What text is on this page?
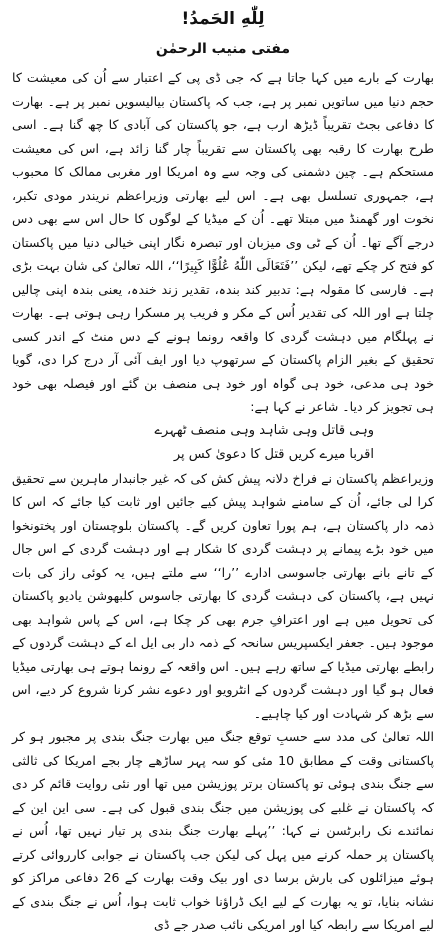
لِلّٰهِ الحَمدُ!
مفتی منیب الرحمٰن

بھارت کے بارے میں کہا جاتا ہے کہ جی ڈی پی کے اعتبار سے اُن کی معیشت کا حجم دنیا میں ساتویں نمبر پر ہے، جب کہ پاکستان بیالیسویں نمبر پر ہے۔ بھارت کا دفاعی بجٹ تقریباً ڈیڑھ ارب ہے، جو پاکستان کی آبادی کا چھ گنا ہے۔ اسی طرح بھارت کا رقبہ بھی پاکستان سے تقریباً چار گنا زائد ہے، اس کی معیشت مستحکم ہے۔ چین دشمنی کی وجہ سے وہ امریکا اور مغربی ممالک کا محبوب ہے، جمہوری تسلسل بھی ہے۔ اس لیے بھارتی وزیراعظم نریندر مودی تکبر، نخوت اور گھمنڈ میں مبتلا تھے۔ اُن کے میڈیا کے لوگوں کا حال اس سے بھی دس درجے آگے تھا۔ اُن کے ٹی وی میزبان اور تبصرہ نگار اپنی خیالی دنیا میں پاکستان کو فتح کر چکے تھے، لیکن ’’فَتَعَالَى اللّٰهُ عُلُوًّا كَبِيرًا‘‘، اللہ تعالیٰ کی شان بہت بڑی ہے۔ فارسی کا مقولہ ہے: تدبیر کند بندہ، تقدیر زند خندہ، یعنی بندہ اپنی چالیں چلتا ہے اور اللہ کی تقدیر اُس کے مکر و فریب پر مسکرا رہی ہوتی ہے۔ بھارت نے پہلگام میں دہشت گردی کا واقعہ رونما ہونے کے دس منٹ کے اندر کسی تحقیق کے بغیر الزام پاکستان کے سرتھوپ دیا اور ایف آئی آر درج کرا دی، گویا خود ہی مدعی، خود ہی گواہ اور خود ہی منصف بن گئے اور فیصلہ بھی خود ہی تجویز کر دیا۔ شاعر نے کہا ہے:

وہی قاتل وہی شاہد وہی منصف ٹھہرے
اقربا میرے کریں قتل کا دعویٰ کس پر

وزیراعظم پاکستان نے فراخ دلانہ پیش کش کی کہ غیر جانبدار ماہرین سے تحقیق کرا لی جائے، اُن کے سامنے شواہد پیش کیے جائیں اور ثابت کیا جائے کہ اس کا ذمہ دار پاکستان ہے، ہم پورا تعاون کریں گے۔ پاکستان بلوچستان اور پختونخوا میں خود بڑے پیمانے پر دہشت گردی کا شکار ہے اور دہشت گردی کے اس جال کے تانے بانے بھارتی جاسوسی ادارے ’’را‘‘ سے ملتے ہیں، یہ کوئی راز کی بات نہیں ہے، پاکستان کی دہشت گردی کا بھارتی جاسوس کلبھوشن یادیو پاکستان کی تحویل میں ہے اور اعترافِ جرم بھی کر چکا ہے، اس کے پاس شواہد بھی موجود ہیں۔ جعفر ایکسپریس سانحہ کے ذمہ دار بی ایل اے کے دہشت گردوں کے رابطے بھارتی میڈیا کے ساتھ رہے ہیں۔ اس واقعہ کے رونما ہوتے ہی بھارتی میڈیا فعال ہو گیا اور دہشت گردوں کے انٹرویو اور دعوے نشر کرنا شروع کر دیے، اس سے بڑھ کر شہادت اور کیا چاہیے۔

اللہ تعالیٰ کی مدد سے حسبِ توقع جنگ میں بھارت جنگ بندی پر مجبور ہو کر پاکستانی وقت کے مطابق 10 مئی کو سہ پہر ساڑھے چار بجے امریکا کی ثالثی سے جنگ بندی ہوئی تو پاکستان برتر پوزیشن میں تھا اور نئی روایت قائم کر دی کہ پاکستان نے غلبے کی پوزیشن میں جنگ بندی قبول کی ہے۔ سی این این کے نمائندے نک رابرٹسن نے کہا: ’’پہلے بھارت جنگ بندی پر تیار نہیں تھا، اُس نے پاکستان پر حملہ کرنے میں پہل کی لیکن جب پاکستان نے جوابی کارروائی کرتے ہوئے میزائلوں کی بارش برسا دی اور بیک وقت بھارت کے 26 دفاعی مراکز کو نشانہ بنایا، تو یہ بھارت کے لیے ایک ڈراؤنا خواب ثابت ہوا، اُس نے جنگ بندی کے لیے امریکا سے رابطہ کیا اور امریکی نائب صدر جے ڈی
